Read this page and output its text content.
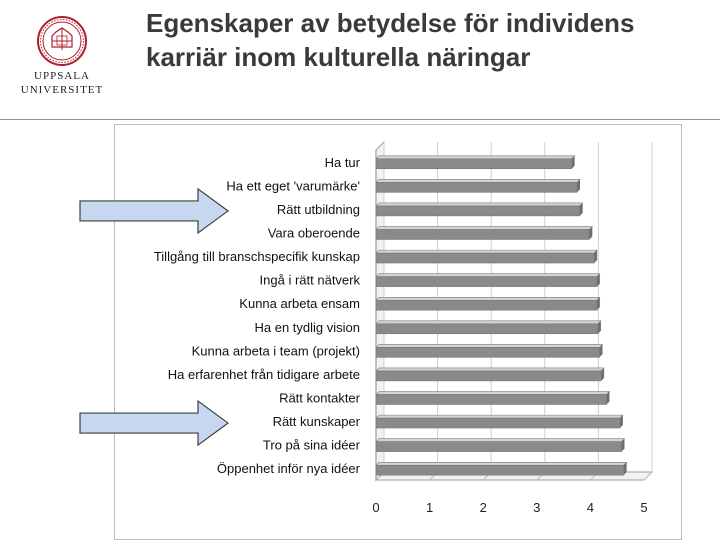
UPPSALA
UNIVERSITET
Egenskaper av betydelse för individens karriär inom kulturella näringar
0	1	2	3	4	5
Ha tur
Ha ett eget 'varumärke'
Rätt utbildning
Vara oberoende
Tillgång till branschspecifik kunskap
Ingå i rätt nätverk
Kunna arbeta ensam
Ha en tydlig vision
Kunna arbeta i team (projekt)
Ha erfarenhet från tidigare arbete
Rätt kontakter
Rätt kunskaper
Tro på sina idéer
Öppenhet inför nya idéer
